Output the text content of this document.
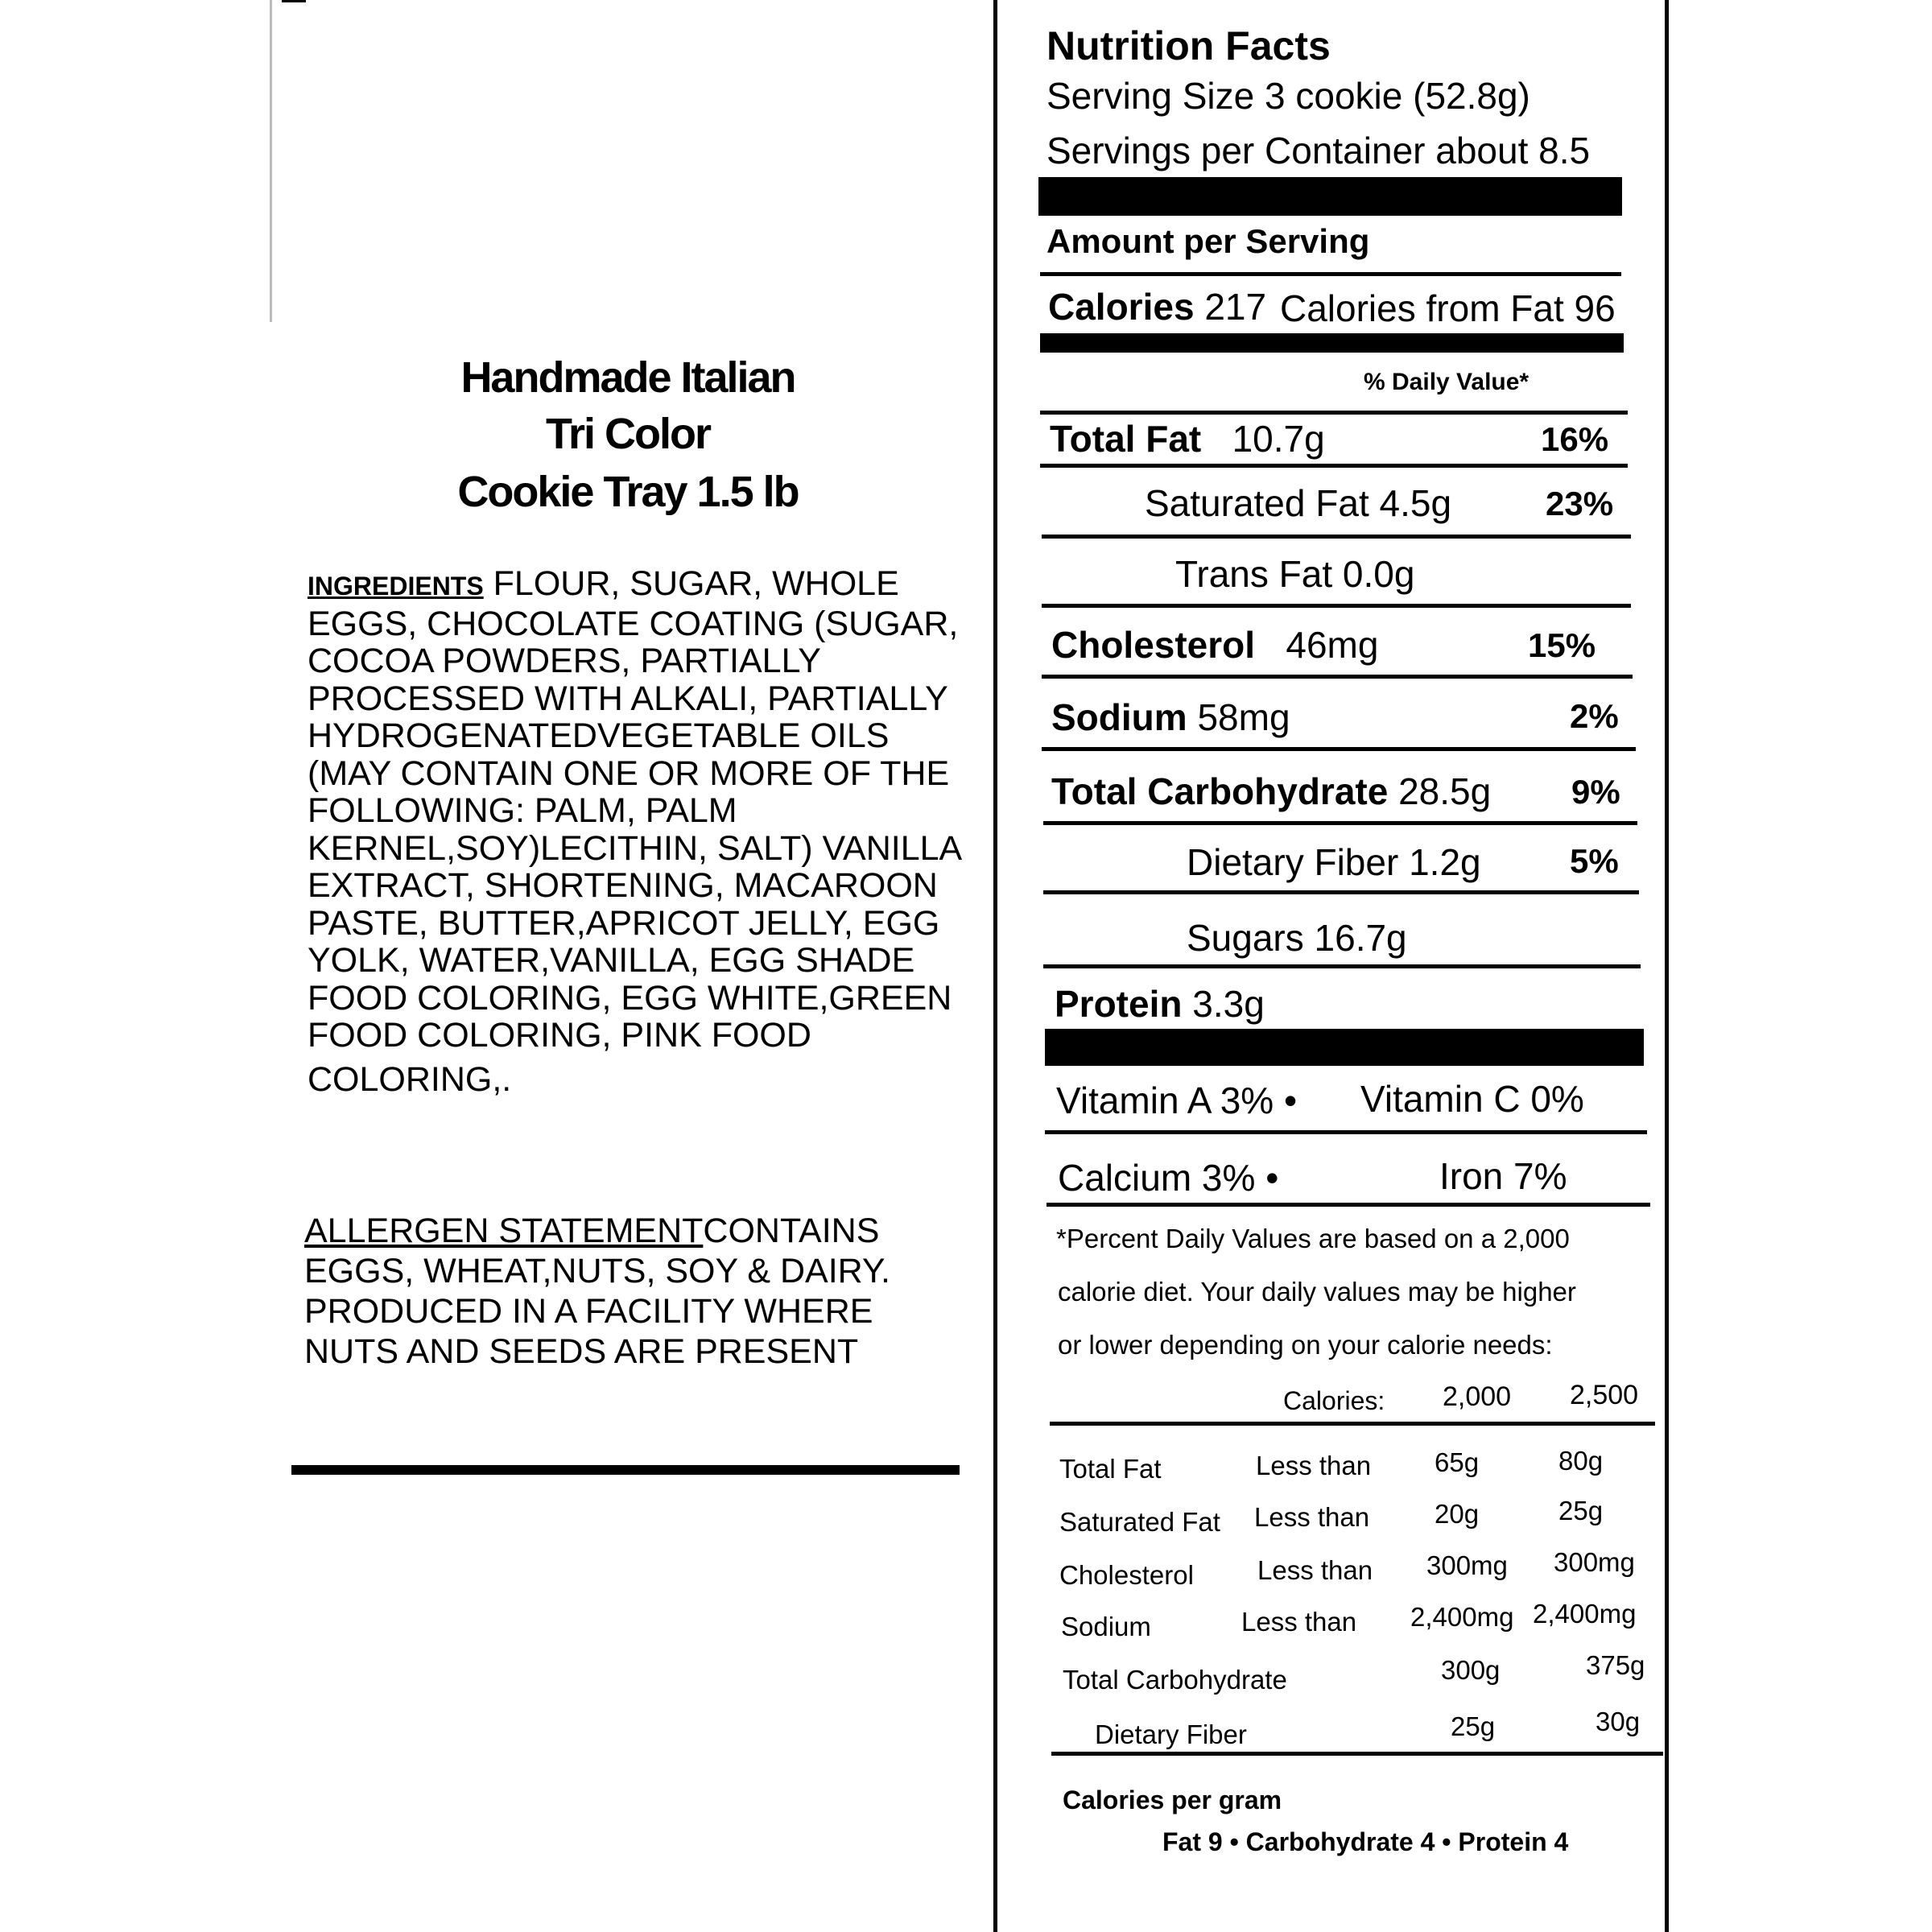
Handmade Italian
Tri Color
Cookie Tray 1.5 lb
INGREDIENTS FLOUR, SUGAR, WHOLE
EGGS, CHOCOLATE COATING (SUGAR,
COCOA POWDERS, PARTIALLY
PROCESSED WITH ALKALI, PARTIALLY
HYDROGENATEDVEGETABLE OILS
(MAY CONTAIN ONE OR MORE OF THE
FOLLOWING: PALM, PALM
KERNEL,SOY)LECITHIN, SALT) VANILLA
EXTRACT, SHORTENING, MACAROON
PASTE, BUTTER,APRICOT JELLY, EGG
YOLK, WATER,VANILLA, EGG SHADE
FOOD COLORING, EGG WHITE,GREEN
FOOD COLORING, PINK FOOD
COLORING,.
ALLERGEN STATEMENTCONTAINS
EGGS, WHEAT,NUTS, SOY & DAIRY.
PRODUCED IN A FACILITY WHERE
NUTS AND SEEDS ARE PRESENT
Nutrition Facts
Serving Size 3 cookie (52.8g)
Servings per Container about 8.5
Amount per Serving
Calories 217 Calories from Fat 96
% Daily Value*
Total Fat 10.7g	16%
Saturated Fat 4.5g	23%
Trans Fat 0.0g
Cholesterol 46mg	15%
Sodium 58mg	2%
Total Carbohydrate 28.5g 9%
Dietary Fiber 1.2g	5%
Sugars 16.7g
Protein 3.3g
Vitamin A 3% • Vitamin C 0%
Calcium 3% •	Iron 7%
*Percent Daily Values are based on a 2,000
calorie diet. Your daily values may be higher
or lower depending on your calorie needs:
Calories: 2,000 2,500
Total Fat	Less than 65g	80g
Saturated Fat Less than 20g	25g
Cholesterol Less than 300mg 300mg
Sodium	Less than 2,400mg 2,400mg
Total Carbohydrate	300g	375g
Dietary Fiber	25g	30g
Calories per gram
Fat 9 • Carbohydrate 4 • Protein 4
